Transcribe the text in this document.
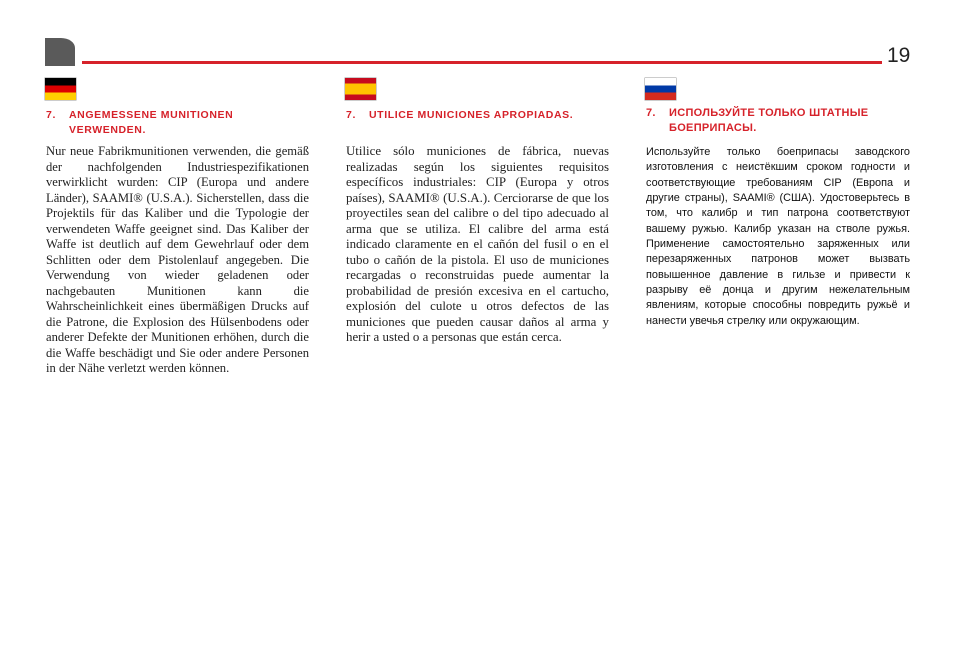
19
7.	ANGEMESSENE MUNITIONEN VERWENDEN.
7.	UTILICE MUNICIONES APROPIADAS.	7.	ИСПОЛЬЗУЙТЕ ТОЛЬКО ШТАТНЫЕ БОЕПРИПАСЫ.

Nur neue Fabrikmunitionen verwenden, die gemäß der nachfolgenden Industriespezifikationen verwirklicht wurden: CIP (Europa und andere Länder), SAAMI® (U.S.A.). Sicherstellen, dass die Projektils für das Kaliber und die Typologie der verwendeten Waffe geeignet sind. Das Kaliber der Waffe ist deutlich auf dem Gewehrlauf oder dem Schlitten oder dem Pistolenlauf angegeben. Die Verwendung von wieder geladenen oder nachgebauten Munitionen kann die Wahrscheinlichkeit eines übermäßigen Drucks auf die Patrone, die Explosion des Hülsenbodens oder anderer Defekte der Munitionen erhöhen, durch die die Waffe beschädigt und Sie oder andere Personen in der Nähe verletzt werden können.

Utilice sólo municiones de fábrica, nuevas realizadas según los siguientes requisitos específicos industriales: CIP (Europa y otros países), SAAMI® (U.S.A.). Cerciorarse de que los proyectiles sean del calibre o del tipo adecuado al arma que se utiliza. El calibre del arma está indicado claramente en el cañón del fusil o en el tubo o cañón de la pistola. El uso de municiones recargadas o reconstruidas puede aumentar la probabilidad de presión excesiva en el cartucho, explosión del culote u otros defectos de las municiones que pueden causar daños al arma y herir a usted o a personas que están cerca.

Используйте только боеприпасы заводского изготовления с неистёкшим сроком годности и соответствующие требованиям CIP (Европа и другие страны), SAAMI® (США). Удостоверьтесь в том, что калибр и тип патрона соответствуют вашему ружью. Калибр указан на стволе ружья. Применение самостоятельно заряженных или перезаряженных патронов может вызвать повышенное давление в гильзе и привести к разрыву её донца и другим нежелательным явлениям, которые способны повредить ружьё и нанести увечья стрелку или окружающим.
